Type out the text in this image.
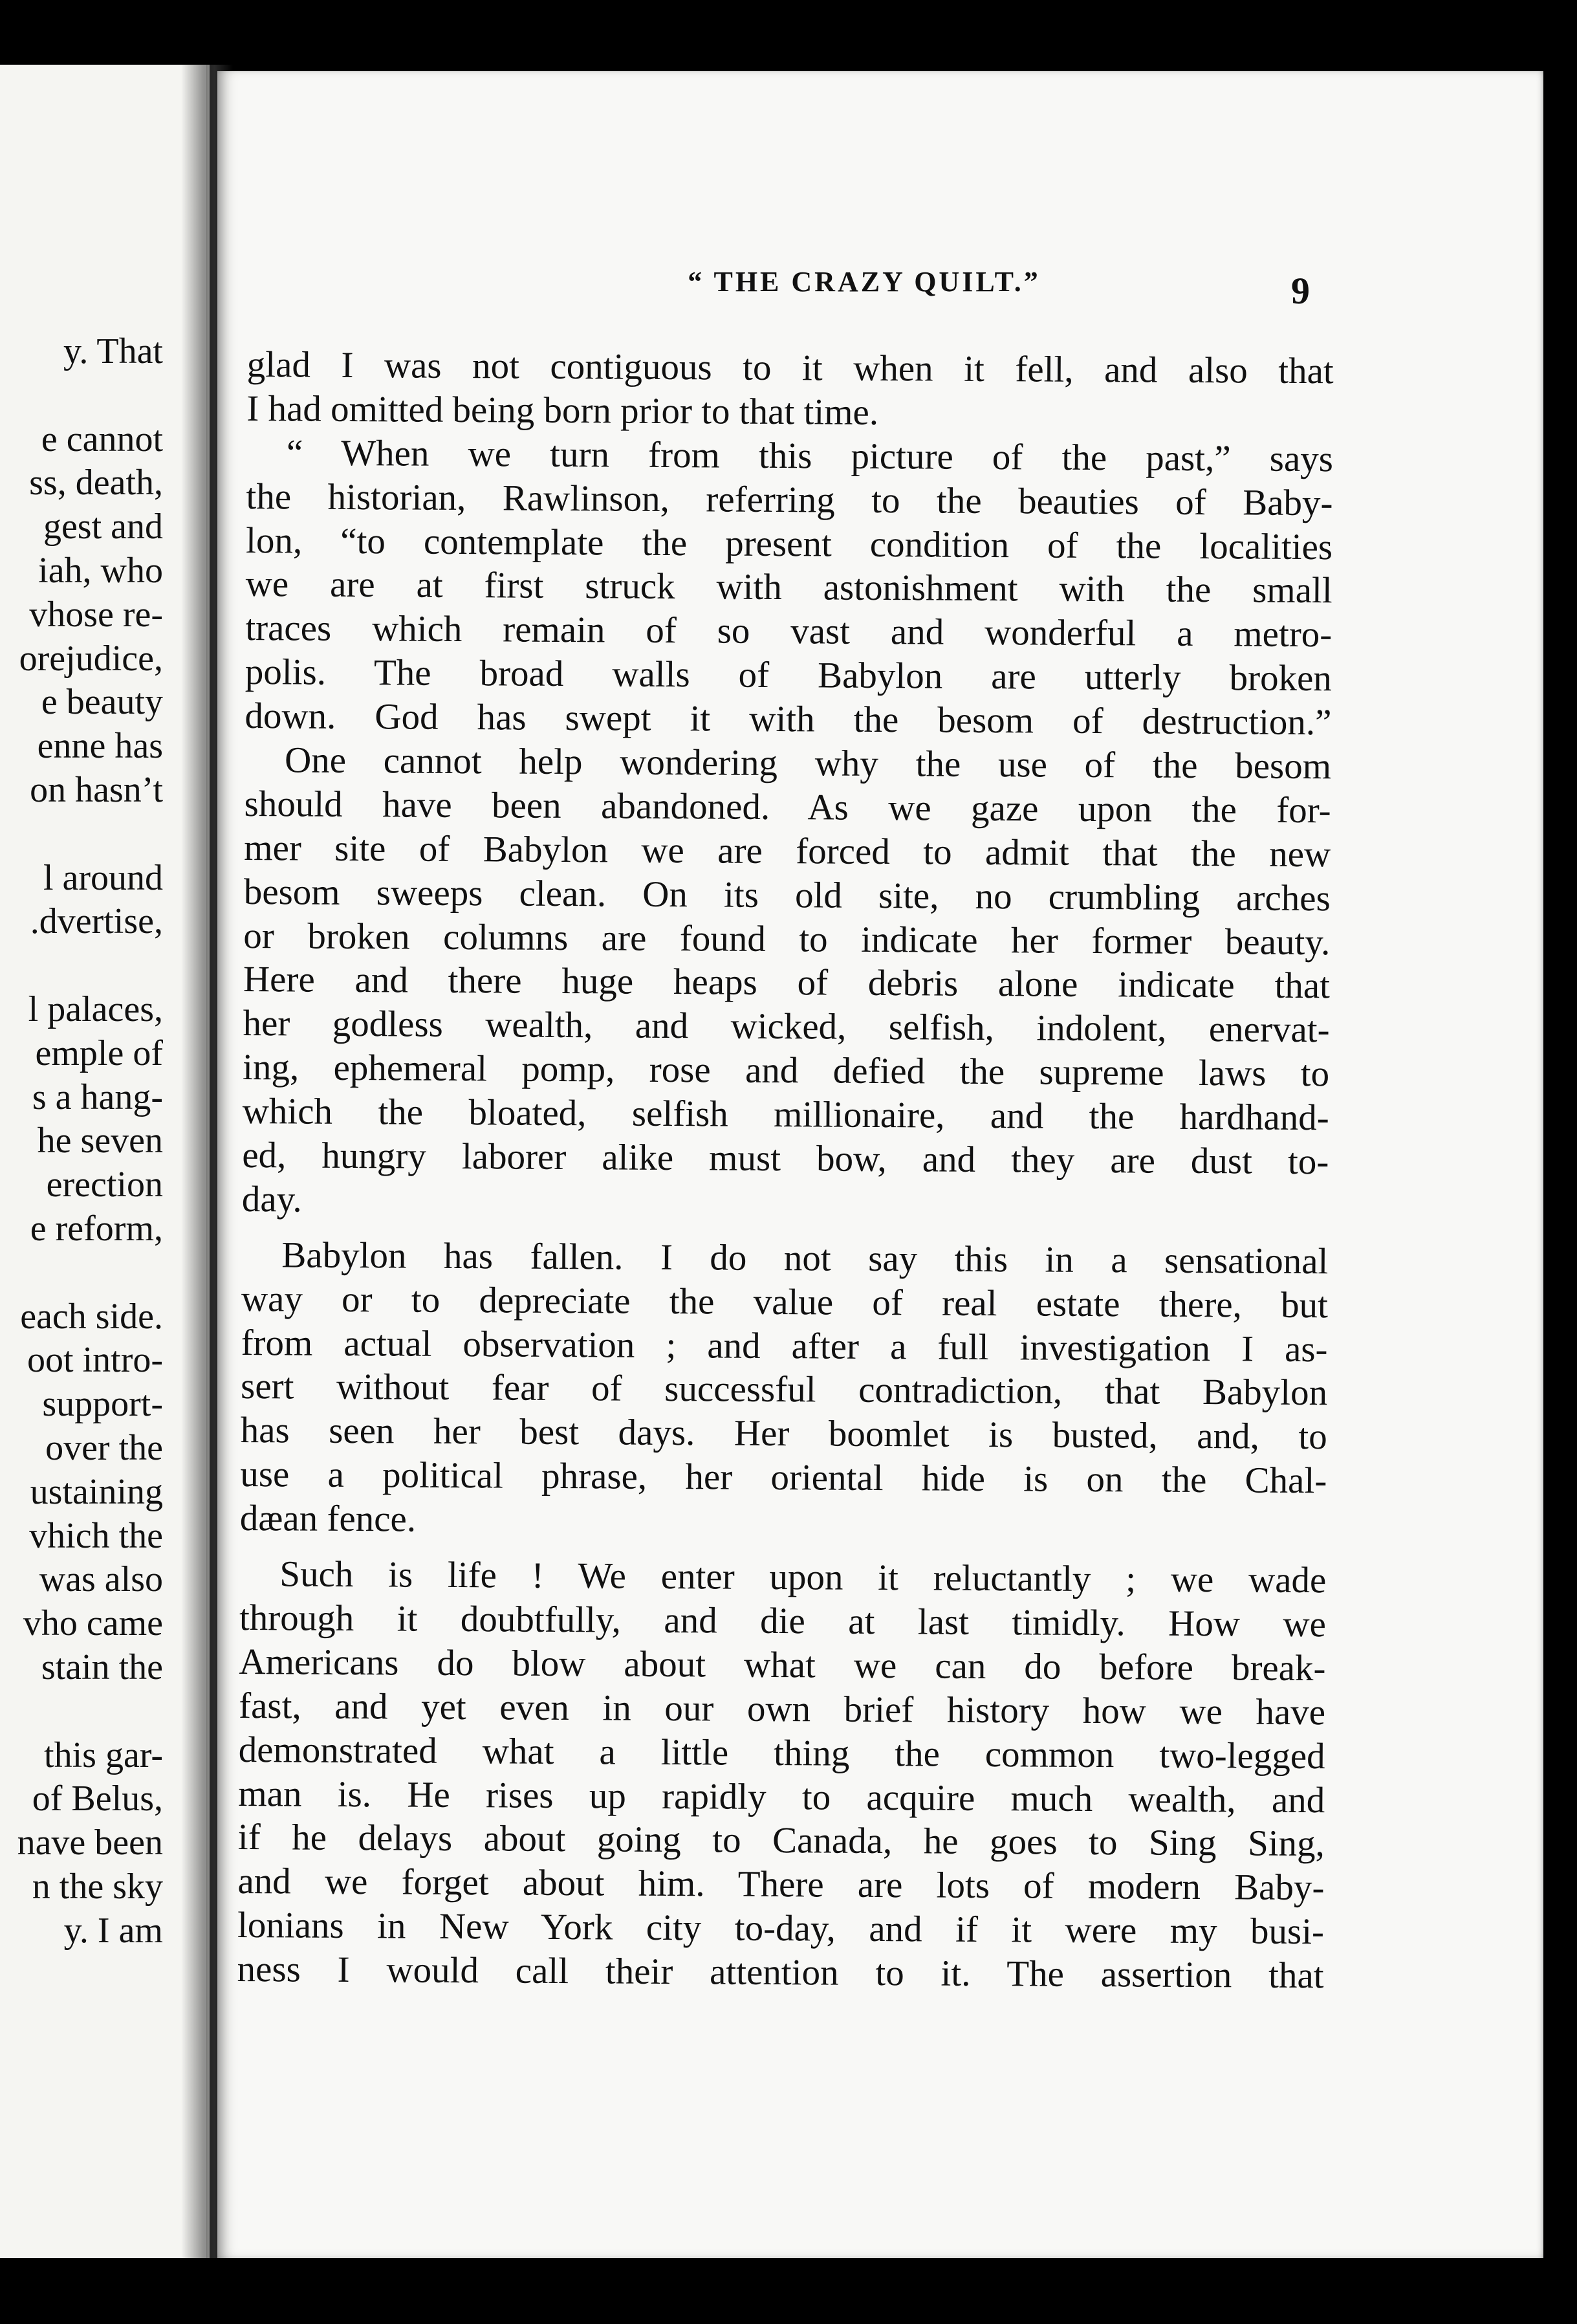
y. That
e cannot
ss, death,
gest and
iah, who
vhose re-
orejudice,
e beauty
enne has
on hasn’t
l around
.dvertise,
l palaces,
emple of
s a hang-
he seven
erection
e reform,
each side.
oot intro-
support-
over the
ustaining
vhich the
was also
vho came
stain the
this gar-
of Belus,
nave been
n the sky
y. I am
“ THE CRAZY QUILT.”	9
glad I was not contiguous to it when it fell, and also that
I had omitted being born prior to that time.
“ When we turn from this picture of the past,” says
the historian, Rawlinson, referring to the beauties of Baby-
lon, “to contemplate the present condition of the localities
we are at first struck with astonishment with the small
traces which remain of so vast and wonderful a metro-
polis. The broad walls of Babylon are utterly broken
down. God has swept it with the besom of destruction.”
One cannot help wondering why the use of the besom
should have been abandoned. As we gaze upon the for-
mer site of Babylon we are forced to admit that the new
besom sweeps clean. On its old site, no crumbling arches
or broken columns are found to indicate her former beauty.
Here and there huge heaps of debris alone indicate that
her godless wealth, and wicked, selfish, indolent, enervat-
ing, ephemeral pomp, rose and defied the supreme laws to
which the bloated, selfish millionaire, and the hardhand-
ed, hungry laborer alike must bow, and they are dust to-
day.
Babylon has fallen. I do not say this in a sensational
way or to depreciate the value of real estate there, but
from actual observation ; and after a full investigation I as-
sert without fear of successful contradiction, that Babylon
has seen her best days. Her boomlet is busted, and, to
use a political phrase, her oriental hide is on the Chal-
dæan fence.
Such is life ! We enter upon it reluctantly ; we wade
through it doubtfully, and die at last timidly. How we
Americans do blow about what we can do before break-
fast, and yet even in our own brief history how we have
demonstrated what a little thing the common two-legged
man is. He rises up rapidly to acquire much wealth, and
if he delays about going to Canada, he goes to Sing Sing,
and we forget about him. There are lots of modern Baby-
lonians in New York city to-day, and if it were my busi-
ness I would call their attention to it. The assertion that
